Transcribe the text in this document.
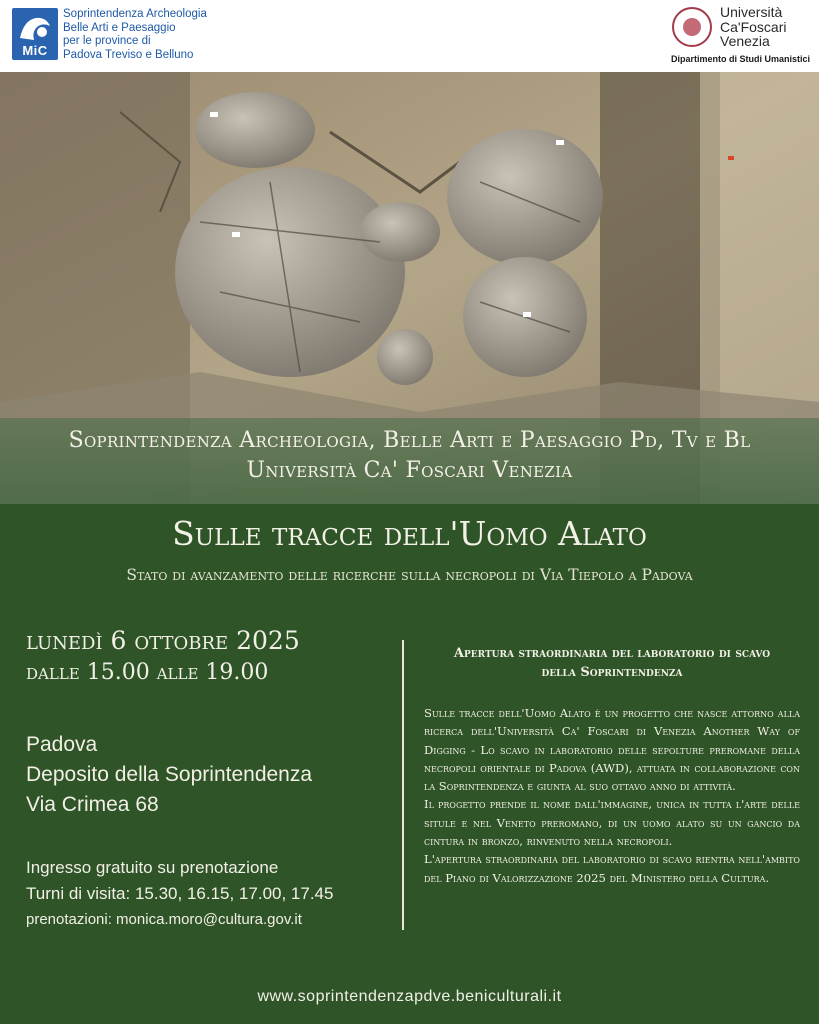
MiC
Soprintendenza Archeologia
Belle Arti e Paesaggio
per le province di
Padova Treviso e Belluno
Università
Ca'Foscari
Venezia
Dipartimento di Studi Umanistici
Soprintendenza Archeologia, Belle Arti e Paesaggio Pd, Tv e Bl
Università Ca' Foscari Venezia
Sulle tracce dell'Uomo Alato
Stato di avanzamento delle ricerche sulla necropoli di Via Tiepolo a Padova
lunedì 6 ottobre 2025
dalle 15.00 alle 19.00
Padova
Deposito della Soprintendenza
Via Crimea 68
Ingresso gratuito su prenotazione
Turni di visita: 15.30, 16.15, 17.00, 17.45
prenotazioni: monica.moro@cultura.gov.it
Apertura straordinaria del laboratorio di scavo
della Soprintendenza

Sulle tracce dell'Uomo Alato è un progetto che nasce attorno alla ricerca dell'Università Ca' Foscari di Venezia Another Way of Digging - Lo scavo in laboratorio delle sepolture preromane della necropoli orientale di Padova (AWD), attuata in collaborazione con la Soprintendenza e giunta al suo ottavo anno di attività.

Il progetto prende il nome dall'immagine, unica in tutta l'arte delle situle e nel Veneto preromano, di un uomo alato su un gancio da cintura in bronzo, rinvenuto nella necropoli.

L'apertura straordinaria del laboratorio di scavo rientra nell'ambito del Piano di Valorizzazione 2025 del Ministero della Cultura.

www.soprintendenzapdve.beniculturali.it
